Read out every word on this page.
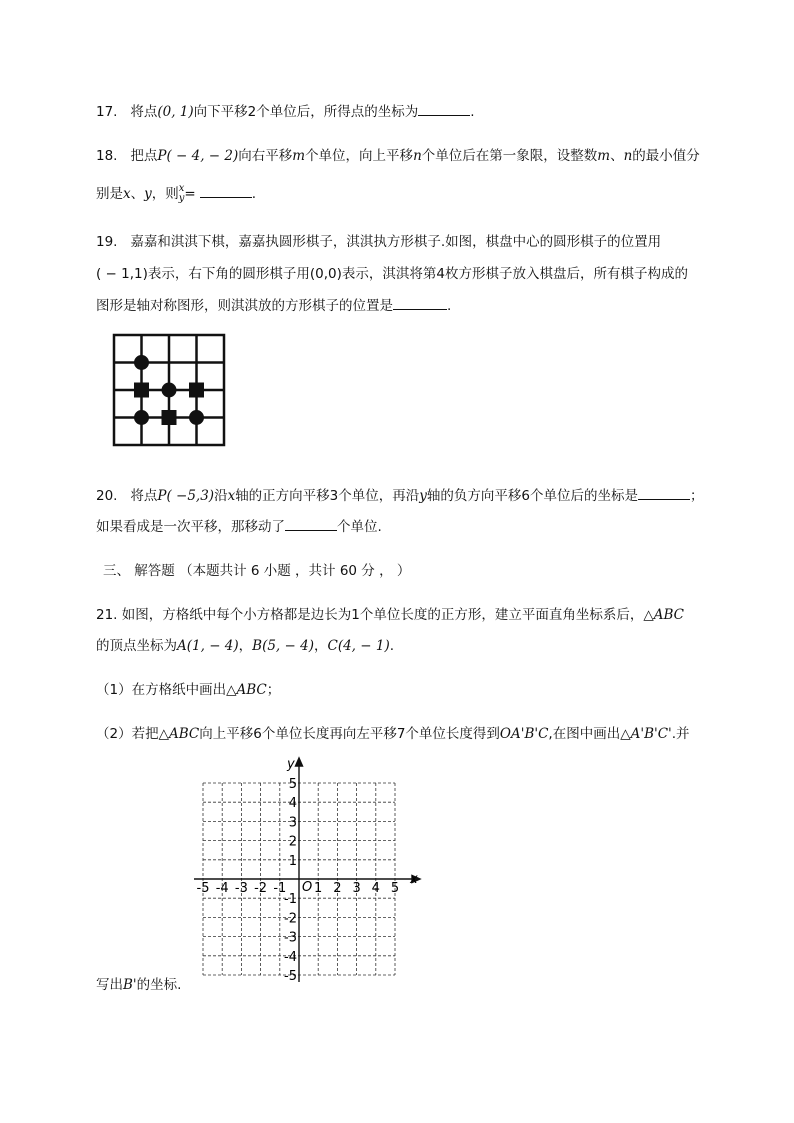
17. 将点(0, 1)向下平移2个单位后，所得点的坐标为	.
18. 把点P( − 4, − 2)向右平移m个单位，向上平移n个单位后在第一象限，设整数m、n的最小值分
别是x、y，则 x
y =	.
19. 嘉嘉和淇淇下棋，嘉嘉执圆形棋子，淇淇执方形棋子.如图，棋盘中心的圆形棋子的位置用
( − 1,1)表示，右下角的圆形棋子用(0,0)表示，淇淇将第4枚方形棋子放入棋盘后，所有棋子构成的
图形是轴对称图形，则淇淇放的方形棋子的位置是	.
20. 将点P( −5,3)沿x轴的正方向平移3个单位，再沿y轴的负方向平移6个单位后的坐标是	；
如果看成是一次平移，那移动了	个单位.
三、 解答题 （本题共计 6 小题 ，共计 60 分 ， ）
21. 如图，方格纸中每个小方格都是边长为1个单位长度的正方形，建立平面直角坐标系后，△ABC
的顶点坐标为A(1, − 4)，B(5, − 4)，C(4, − 1).
（1）在方格纸中画出△ABC；
（2）若把△ABC向上平移6个单位长度再向左平移7个单位长度得到OA'B'C,在图中画出△A'B'C'.并
x
y
O
-5 -4 -3 -2 -1 1 2 3 4 5
5
4
3
2
1
-1
-2
-3
-4
-5
写出B'的坐标.
